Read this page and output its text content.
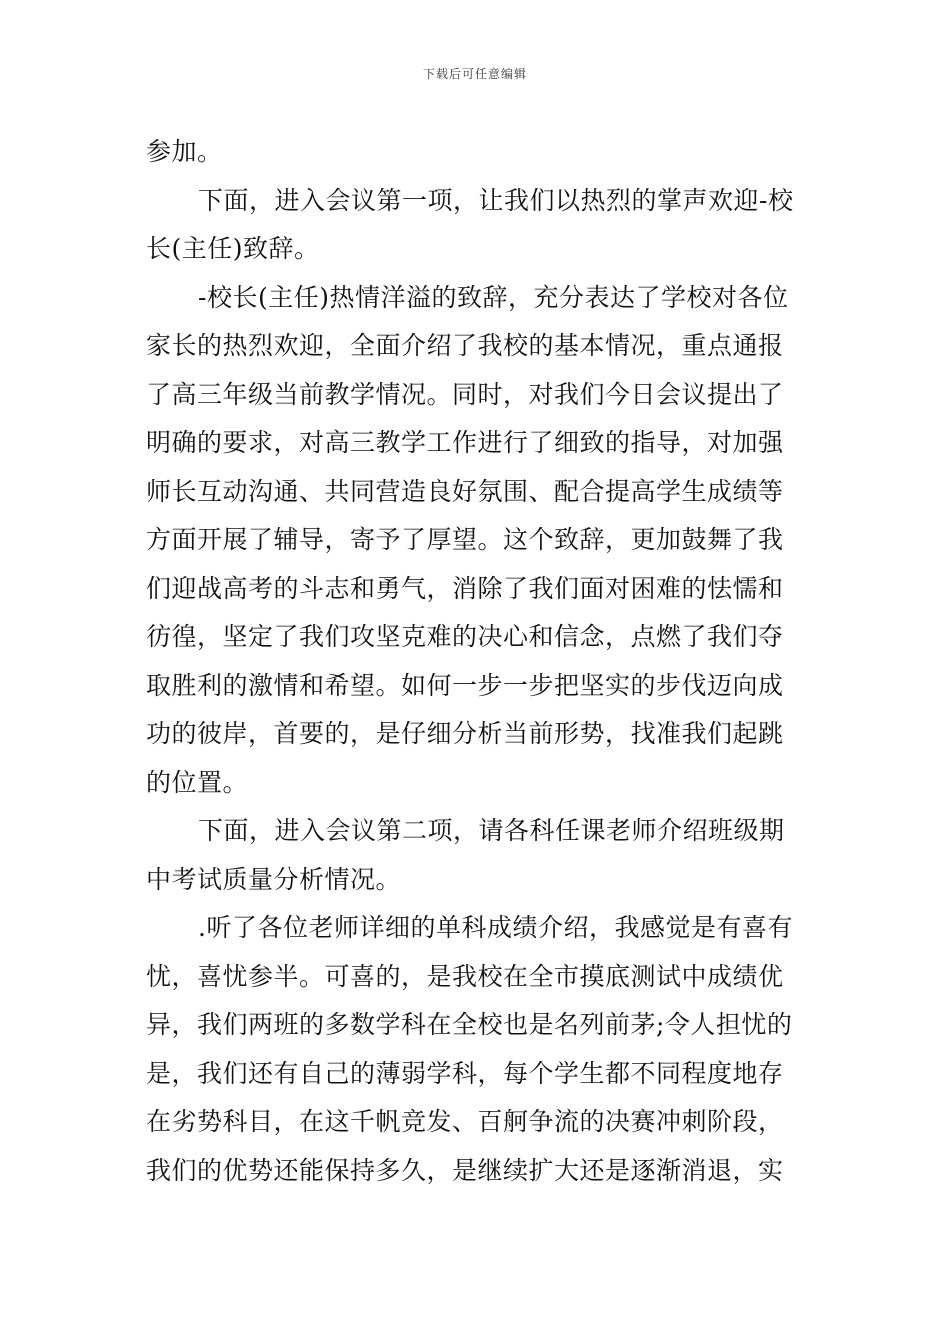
下载后可任意编辑
参加。
下面，进入会议第一项，让我们以热烈的掌声欢迎-校
长(主任)致辞。
-校长(主任)热情洋溢的致辞，充分表达了学校对各位
家长的热烈欢迎，全面介绍了我校的基本情况，重点通报
了高三年级当前教学情况。同时，对我们今日会议提出了
明确的要求，对高三教学工作进行了细致的指导，对加强
师长互动沟通、共同营造良好氛围、配合提高学生成绩等
方面开展了辅导，寄予了厚望。这个致辞，更加鼓舞了我
们迎战高考的斗志和勇气，消除了我们面对困难的怯懦和
彷徨，坚定了我们攻坚克难的决心和信念，点燃了我们夺
取胜利的激情和希望。如何一步一步把坚实的步伐迈向成
功的彼岸，首要的，是仔细分析当前形势，找准我们起跳
的位置。
下面，进入会议第二项，请各科任课老师介绍班级期
中考试质量分析情况。
.听了各位老师详细的单科成绩介绍，我感觉是有喜有
忧，喜忧参半。可喜的，是我校在全市摸底测试中成绩优
异，我们两班的多数学科在全校也是名列前茅;令人担忧的
是，我们还有自己的薄弱学科，每个学生都不同程度地存
在劣势科目，在这千帆竞发、百舸争流的决赛冲刺阶段，
我们的优势还能保持多久，是继续扩大还是逐渐消退，实
